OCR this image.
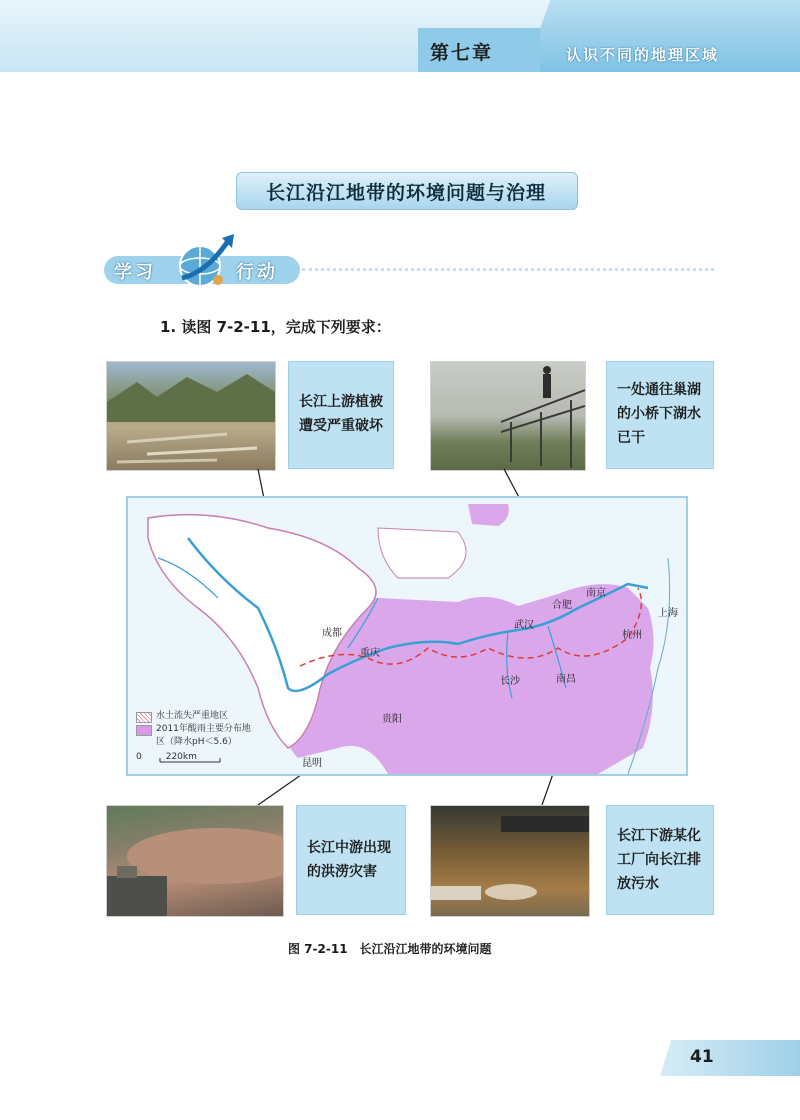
第七章	认识不同的地理区域
长江沿江地带的环境问题与治理
学习	行动
1. 读图 7-2-11，完成下列要求：
长江上游植被遭受严重破坏
一处通往巢湖的小桥下湖水已干
长江中游出现的洪涝灾害
长江下游某化工厂向长江排放污水
成都
重庆
贵阳
昆明
武汉
长沙	南昌
合肥
南京
上海
杭州
水土流失严重地区
2011年酸雨主要分布地区（降水pH＜5.6）
0	220km
图 7-2-11　长江沿江地带的环境问题
41
